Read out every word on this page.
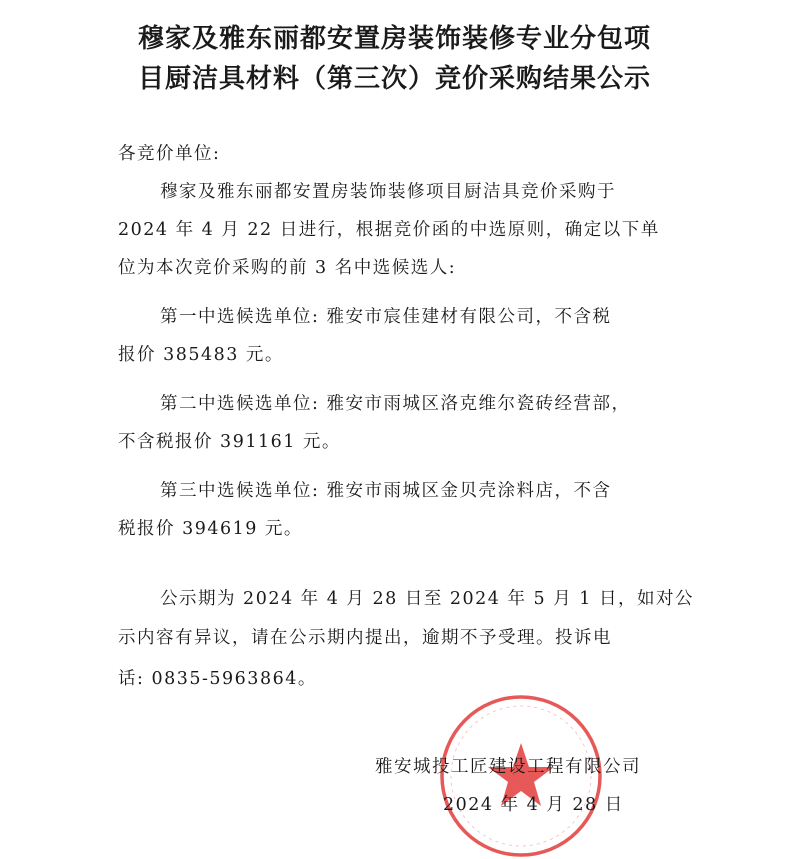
穆家及雅东丽都安置房装饰装修专业分包项
目厨洁具材料（第三次）竞价采购结果公示
各竞价单位:
穆家及雅东丽都安置房装饰装修项目厨洁具竞价采购于
2024 年 4 月 22 日进行，根据竞价函的中选原则，确定以下单
位为本次竞价采购的前 3 名中选候选人:
第一中选候选单位: 雅安市宸佳建材有限公司，不含税
报价 385483 元。
第二中选候选单位: 雅安市雨城区洛克维尔瓷砖经营部，
不含税报价 391161 元。
第三中选候选单位: 雅安市雨城区金贝壳涂料店，不含
税报价 394619 元。
公示期为 2024 年 4 月 28 日至 2024 年 5 月 1 日，如对公
示内容有异议，请在公示期内提出，逾期不予受理。投诉电
话: 0835-5963864。
雅安城投工匠建设工程有限公司
2024 年 4 月 28 日
